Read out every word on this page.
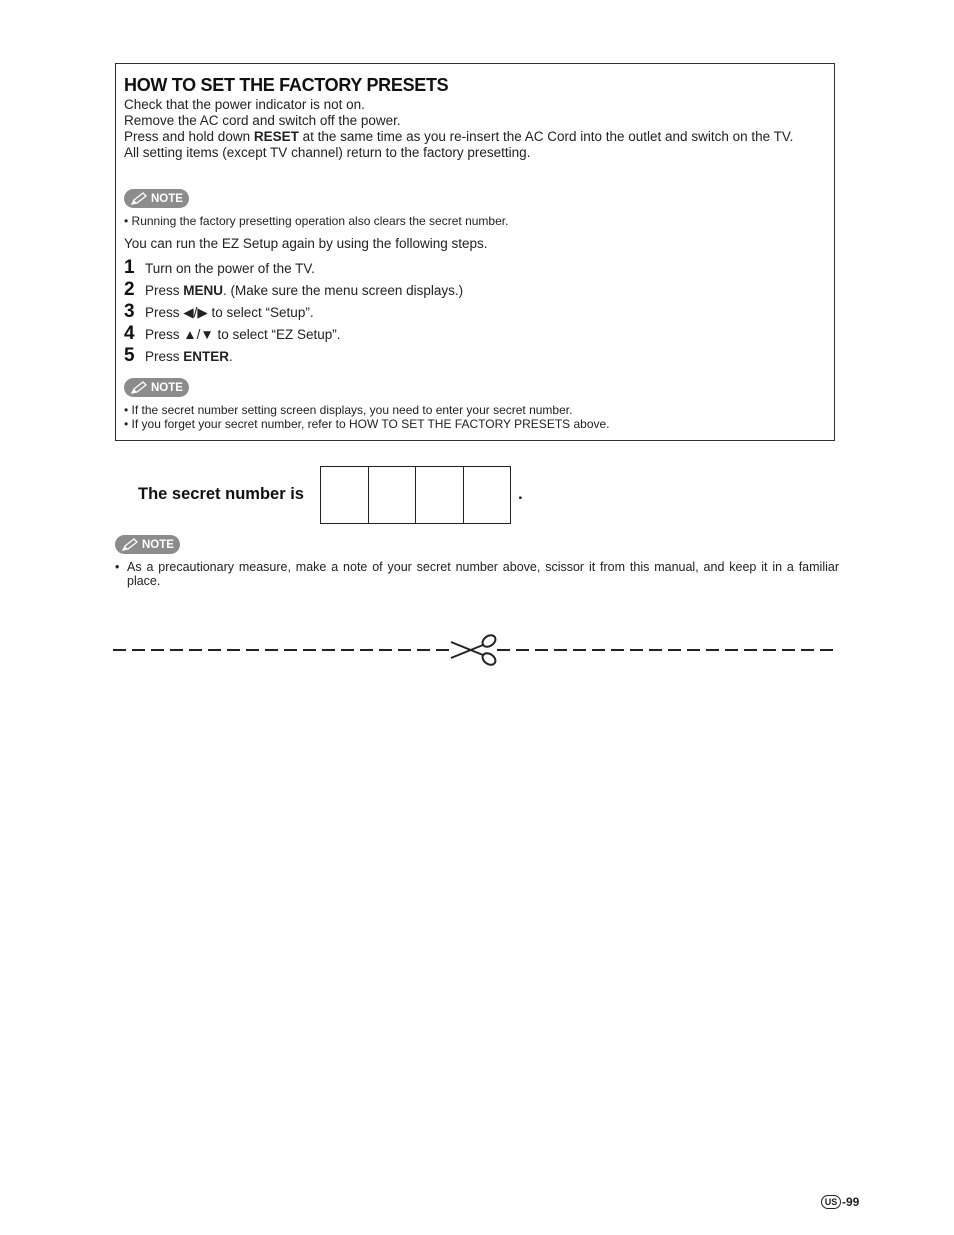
HOW TO SET THE FACTORY PRESETS

Check that the power indicator is not on.

Remove the AC cord and switch off the power.

Press and hold down RESET at the same time as you re-insert the AC Cord into the outlet and switch on the TV.

All setting items (except TV channel) return to the factory presetting.

NOTE
• Running the factory presetting operation also clears the secret number.
You can run the EZ Setup again by using the following steps.
1 Turn on the power of the TV.
2 Press MENU. (Make sure the menu screen displays.)
3 Press ◀/▶ to select “Setup”.
4 Press ▲/▼ to select “EZ Setup”.
5 Press ENTER.
NOTE
• If the secret number setting screen displays, you need to enter your secret number.
• If you forget your secret number, refer to HOW TO SET THE FACTORY PRESETS above.
The secret number is	.
NOTE
• As a precautionary measure, make a note of your secret number above, scissor it from this manual, and keep it in a familiar place.
US -99
